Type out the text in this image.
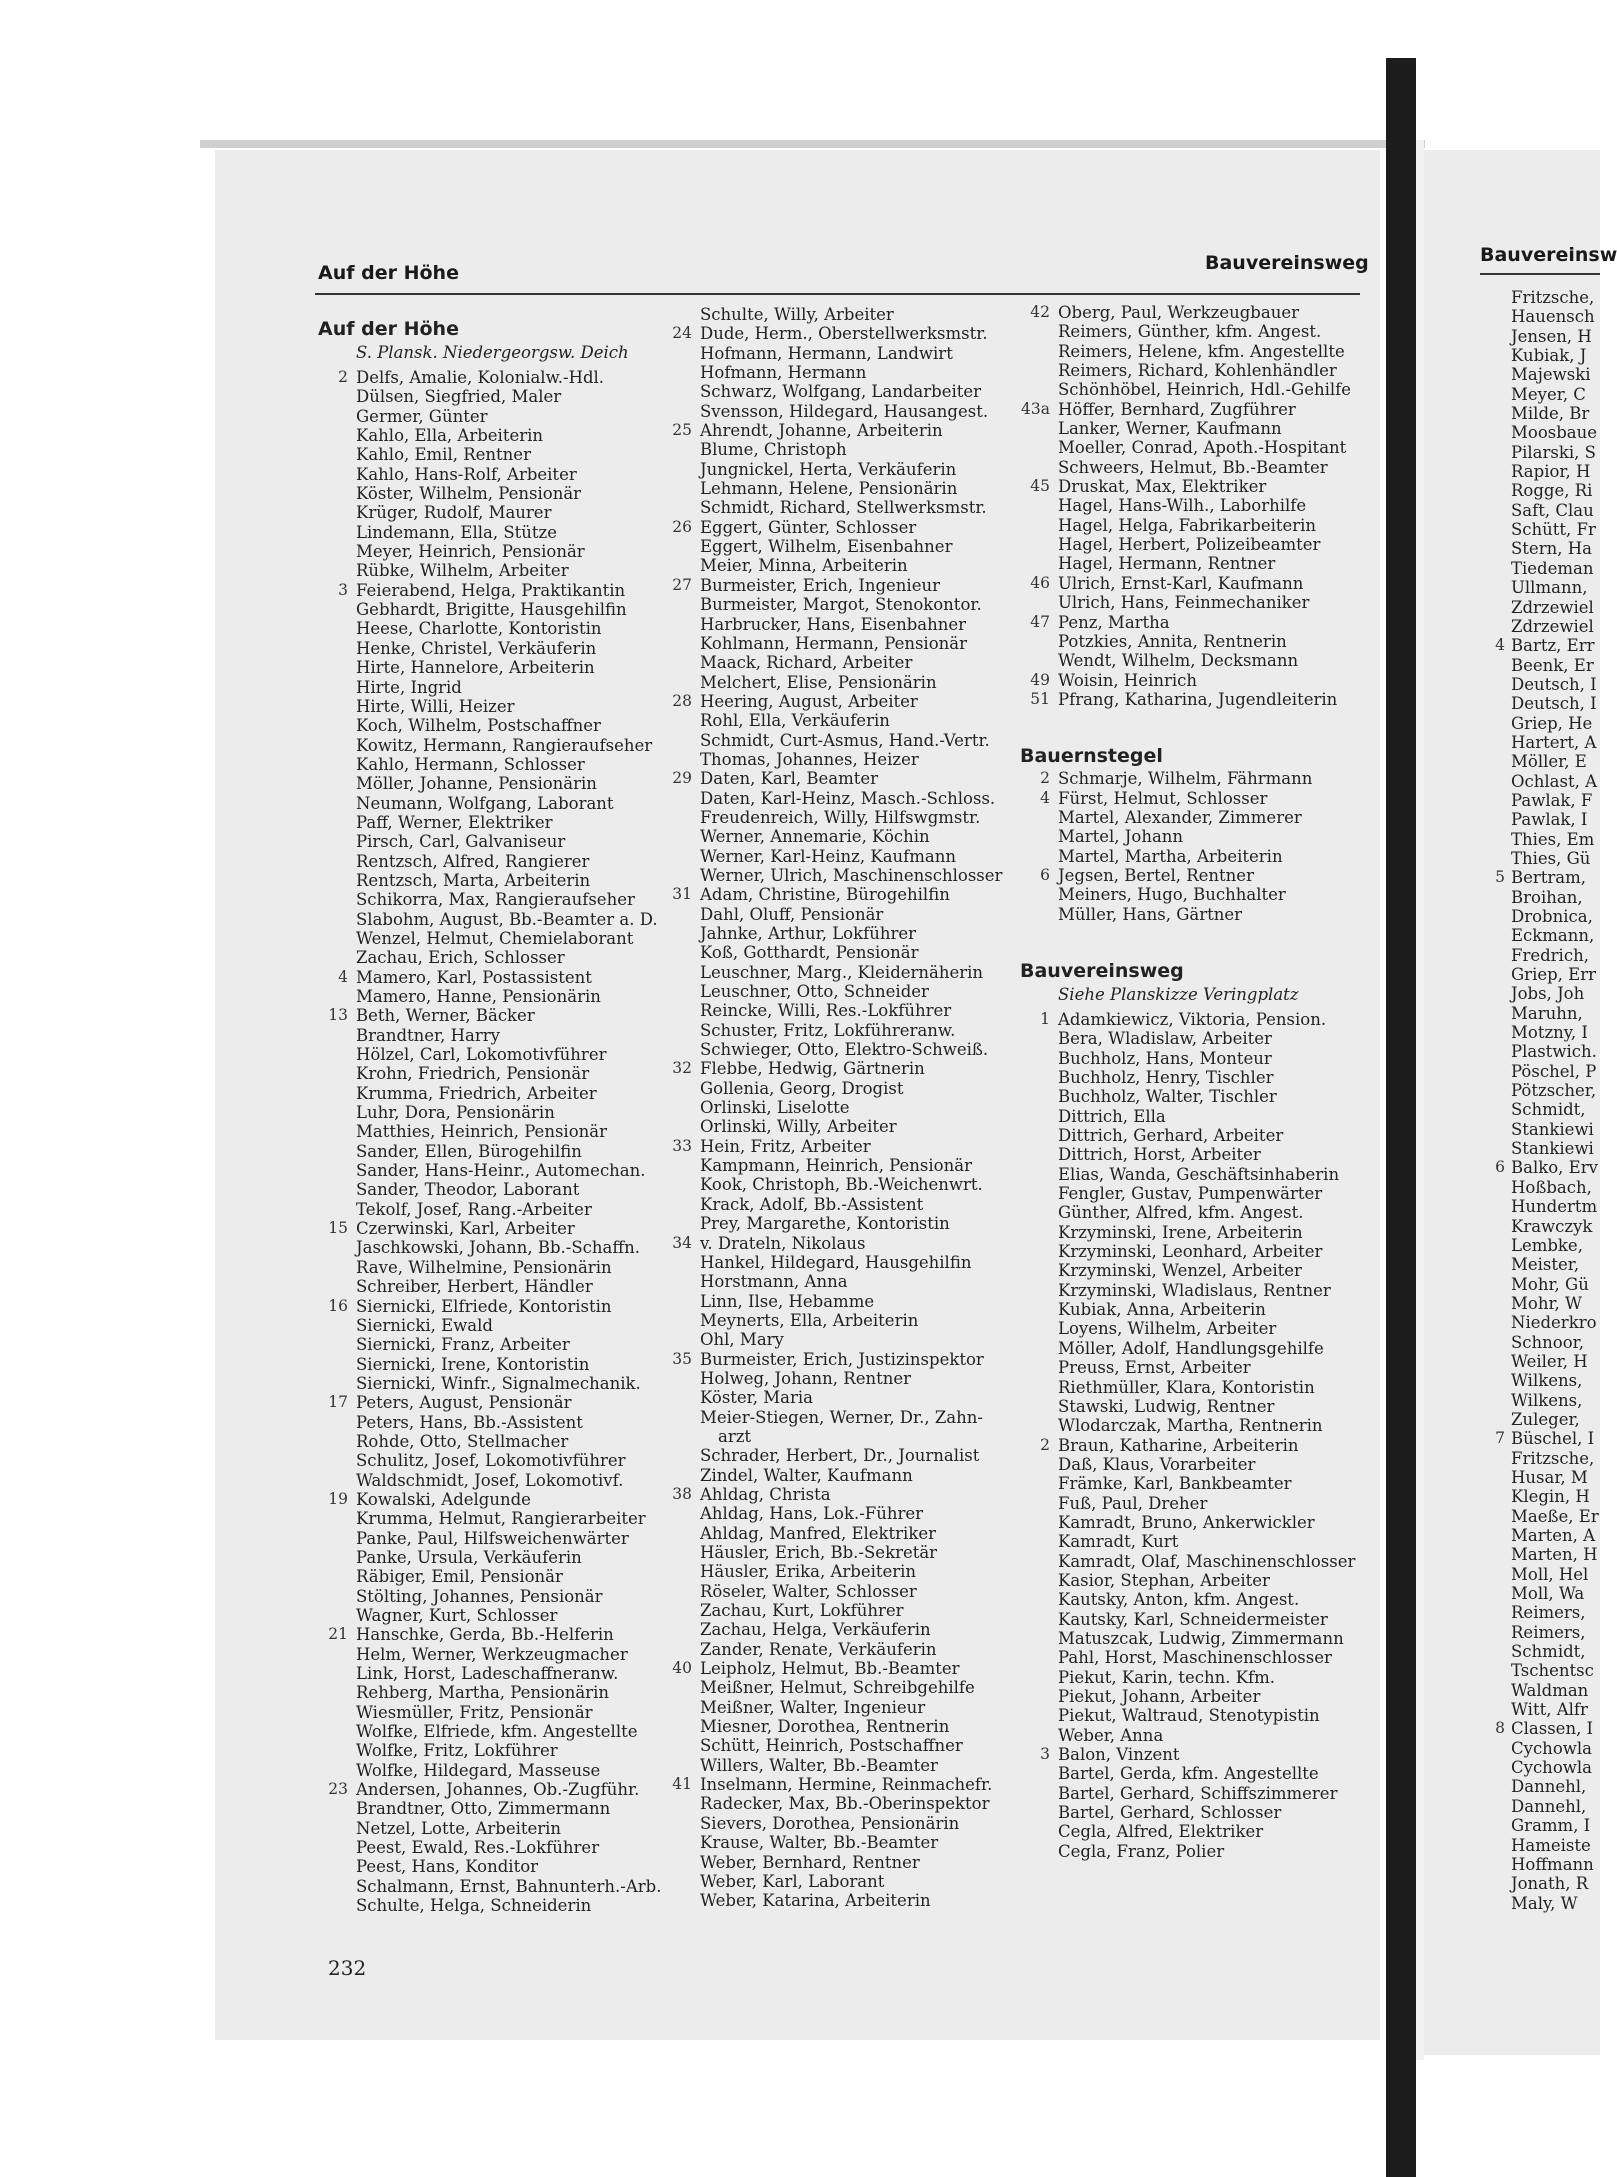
Auf der Höhe	Bauvereinsweg	Bauvereinsw
Auf der Höhe
S. Plansk. Niedergeorgsw. Deich
2 Delfs, Amalie, Kolonialw.-Hdl.
Dülsen, Siegfried, Maler
Germer, Günter
Kahlo, Ella, Arbeiterin
Kahlo, Emil, Rentner
Kahlo, Hans-Rolf, Arbeiter
Köster, Wilhelm, Pensionär
Krüger, Rudolf, Maurer
Lindemann, Ella, Stütze
Meyer, Heinrich, Pensionär
Rübke, Wilhelm, Arbeiter
3 Feierabend, Helga, Praktikantin
Gebhardt, Brigitte, Hausgehilfin
Heese, Charlotte, Kontoristin
Henke, Christel, Verkäuferin
Hirte, Hannelore, Arbeiterin
Hirte, Ingrid
Hirte, Willi, Heizer
Koch, Wilhelm, Postschaffner
Kowitz, Hermann, Rangieraufseher
Kahlo, Hermann, Schlosser
Möller, Johanne, Pensionärin
Neumann, Wolfgang, Laborant
Paff, Werner, Elektriker
Pirsch, Carl, Galvaniseur
Rentzsch, Alfred, Rangierer
Rentzsch, Marta, Arbeiterin
Schikorra, Max, Rangieraufseher
Slabohm, August, Bb.-Beamter a. D.
Wenzel, Helmut, Chemielaborant
Zachau, Erich, Schlosser
4 Mamero, Karl, Postassistent
Mamero, Hanne, Pensionärin
13 Beth, Werner, Bäcker
Brandtner, Harry
Hölzel, Carl, Lokomotivführer
Krohn, Friedrich, Pensionär
Krumma, Friedrich, Arbeiter
Luhr, Dora, Pensionärin
Matthies, Heinrich, Pensionär
Sander, Ellen, Bürogehilfin
Sander, Hans-Heinr., Automechan.
Sander, Theodor, Laborant
Tekolf, Josef, Rang.-Arbeiter
15 Czerwinski, Karl, Arbeiter
Jaschkowski, Johann, Bb.-Schaffn.
Rave, Wilhelmine, Pensionärin
Schreiber, Herbert, Händler
16 Siernicki, Elfriede, Kontoristin
Siernicki, Ewald
Siernicki, Franz, Arbeiter
Siernicki, Irene, Kontoristin
Siernicki, Winfr., Signalmechanik.
17 Peters, August, Pensionär
Peters, Hans, Bb.-Assistent
Rohde, Otto, Stellmacher
Schulitz, Josef, Lokomotivführer
Waldschmidt, Josef, Lokomotivf.
19 Kowalski, Adelgunde
Krumma, Helmut, Rangierarbeiter
Panke, Paul, Hilfsweichenwärter
Panke, Ursula, Verkäuferin
Räbiger, Emil, Pensionär
Stölting, Johannes, Pensionär
Wagner, Kurt, Schlosser
21 Hanschke, Gerda, Bb.-Helferin
Helm, Werner, Werkzeugmacher
Link, Horst, Ladeschaffneranw.
Rehberg, Martha, Pensionärin
Wiesmüller, Fritz, Pensionär
Wolfke, Elfriede, kfm. Angestellte
Wolfke, Fritz, Lokführer
Wolfke, Hildegard, Masseuse
23 Andersen, Johannes, Ob.-Zugführ.
Brandtner, Otto, Zimmermann
Netzel, Lotte, Arbeiterin
Peest, Ewald, Res.-Lokführer
Peest, Hans, Konditor
Schalmann, Ernst, Bahnunterh.-Arb.
Schulte, Helga, Schneiderin
Schulte, Willy, Arbeiter
24 Dude, Herm., Oberstellwerksmstr.
Hofmann, Hermann, Landwirt
Hofmann, Hermann
Schwarz, Wolfgang, Landarbeiter
Svensson, Hildegard, Hausangest.
25 Ahrendt, Johanne, Arbeiterin
Blume, Christoph
Jungnickel, Herta, Verkäuferin
Lehmann, Helene, Pensionärin
Schmidt, Richard, Stellwerksmstr.
26 Eggert, Günter, Schlosser
Eggert, Wilhelm, Eisenbahner
Meier, Minna, Arbeiterin
27 Burmeister, Erich, Ingenieur
Burmeister, Margot, Stenokontor.
Harbrucker, Hans, Eisenbahner
Kohlmann, Hermann, Pensionär
Maack, Richard, Arbeiter
Melchert, Elise, Pensionärin
28 Heering, August, Arbeiter
Rohl, Ella, Verkäuferin
Schmidt, Curt-Asmus, Hand.-Vertr.
Thomas, Johannes, Heizer
29 Daten, Karl, Beamter
Daten, Karl-Heinz, Masch.-Schloss.
Freudenreich, Willy, Hilfswgmstr.
Werner, Annemarie, Köchin
Werner, Karl-Heinz, Kaufmann
Werner, Ulrich, Maschinenschlosser
31 Adam, Christine, Bürogehilfin
Dahl, Oluff, Pensionär
Jahnke, Arthur, Lokführer
Koß, Gotthardt, Pensionär
Leuschner, Marg., Kleidernäherin
Leuschner, Otto, Schneider
Reincke, Willi, Res.-Lokführer
Schuster, Fritz, Lokführeranw.
Schwieger, Otto, Elektro-Schweiß.
32 Flebbe, Hedwig, Gärtnerin
Gollenia, Georg, Drogist
Orlinski, Liselotte
Orlinski, Willy, Arbeiter
33 Hein, Fritz, Arbeiter
Kampmann, Heinrich, Pensionär
Kook, Christoph, Bb.-Weichenwrt.
Krack, Adolf, Bb.-Assistent
Prey, Margarethe, Kontoristin
34 v. Drateln, Nikolaus
Hankel, Hildegard, Hausgehilfin
Horstmann, Anna
Linn, Ilse, Hebamme
Meynerts, Ella, Arbeiterin
Ohl, Mary
35 Burmeister, Erich, Justizinspektor
Holweg, Johann, Rentner
Köster, Maria
Meier-Stiegen, Werner, Dr., Zahn-
arzt
Schrader, Herbert, Dr., Journalist
Zindel, Walter, Kaufmann
38 Ahldag, Christa
Ahldag, Hans, Lok.-Führer
Ahldag, Manfred, Elektriker
Häusler, Erich, Bb.-Sekretär
Häusler, Erika, Arbeiterin
Röseler, Walter, Schlosser
Zachau, Kurt, Lokführer
Zachau, Helga, Verkäuferin
Zander, Renate, Verkäuferin
40 Leipholz, Helmut, Bb.-Beamter
Meißner, Helmut, Schreibgehilfe
Meißner, Walter, Ingenieur
Miesner, Dorothea, Rentnerin
Schütt, Heinrich, Postschaffner
Willers, Walter, Bb.-Beamter
41 Inselmann, Hermine, Reinmachefr.
Radecker, Max, Bb.-Oberinspektor
Sievers, Dorothea, Pensionärin
Krause, Walter, Bb.-Beamter
Weber, Bernhard, Rentner
Weber, Karl, Laborant
Weber, Katarina, Arbeiterin
42 Oberg, Paul, Werkzeugbauer
Reimers, Günther, kfm. Angest.
Reimers, Helene, kfm. Angestellte
Reimers, Richard, Kohlenhändler
Schönhöbel, Heinrich, Hdl.-Gehilfe
43a Höffer, Bernhard, Zugführer
Lanker, Werner, Kaufmann
Moeller, Conrad, Apoth.-Hospitant
Schweers, Helmut, Bb.-Beamter
45 Druskat, Max, Elektriker
Hagel, Hans-Wilh., Laborhilfe
Hagel, Helga, Fabrikarbeiterin
Hagel, Herbert, Polizeibeamter
Hagel, Hermann, Rentner
46 Ulrich, Ernst-Karl, Kaufmann
Ulrich, Hans, Feinmechaniker
47 Penz, Martha
Potzkies, Annita, Rentnerin
Wendt, Wilhelm, Decksmann
49 Woisin, Heinrich
51 Pfrang, Katharina, Jugendleiterin
Bauernstegel
2 Schmarje, Wilhelm, Fährmann
4 Fürst, Helmut, Schlosser
Martel, Alexander, Zimmerer
Martel, Johann
Martel, Martha, Arbeiterin
6 Jegsen, Bertel, Rentner
Meiners, Hugo, Buchhalter
Müller, Hans, Gärtner
Bauvereinsweg
Siehe Planskizze Veringplatz
1 Adamkiewicz, Viktoria, Pension.
Bera, Wladislaw, Arbeiter
Buchholz, Hans, Monteur
Buchholz, Henry, Tischler
Buchholz, Walter, Tischler
Dittrich, Ella
Dittrich, Gerhard, Arbeiter
Dittrich, Horst, Arbeiter
Elias, Wanda, Geschäftsinhaberin
Fengler, Gustav, Pumpenwärter
Günther, Alfred, kfm. Angest.
Krzyminski, Irene, Arbeiterin
Krzyminski, Leonhard, Arbeiter
Krzyminski, Wenzel, Arbeiter
Krzyminski, Wladislaus, Rentner
Kubiak, Anna, Arbeiterin
Loyens, Wilhelm, Arbeiter
Möller, Adolf, Handlungsgehilfe
Preuss, Ernst, Arbeiter
Riethmüller, Klara, Kontoristin
Stawski, Ludwig, Rentner
Wlodarczak, Martha, Rentnerin
2 Braun, Katharine, Arbeiterin
Daß, Klaus, Vorarbeiter
Främke, Karl, Bankbeamter
Fuß, Paul, Dreher
Kamradt, Bruno, Ankerwickler
Kamradt, Kurt
Kamradt, Olaf, Maschinenschlosser
Kasior, Stephan, Arbeiter
Kautsky, Anton, kfm. Angest.
Kautsky, Karl, Schneidermeister
Matuszcak, Ludwig, Zimmermann
Pahl, Horst, Maschinenschlosser
Piekut, Karin, techn. Kfm.
Piekut, Johann, Arbeiter
Piekut, Waltraud, Stenotypistin
Weber, Anna
3 Balon, Vinzent
Bartel, Gerda, kfm. Angestellte
Bartel, Gerhard, Schiffszimmerer
Bartel, Gerhard, Schlosser
Cegla, Alfred, Elektriker
Cegla, Franz, Polier
Fritzsche,
Hauensch
Jensen, H
Kubiak, J
Majewski
Meyer, C
Milde, Br
Moosbaue
Pilarski, S
Rapior, H
Rogge, Ri
Saft, Clau
Schütt, Fr
Stern, Ha
Tiedeman
Ullmann,
Zdrzewiel
Zdrzewiel
4 Bartz, Err
Beenk, Er
Deutsch, I
Deutsch, I
Griep, He
Hartert, A
Möller, E
Ochlast, A
Pawlak, F
Pawlak, I
Thies, Em
Thies, Gü
5 Bertram,
Broihan,
Drobnica,
Eckmann,
Fredrich,
Griep, Err
Jobs, Joh
Maruhn,
Motzny, I
Plastwich.
Pöschel, P
Pötzscher,
Schmidt,
Stankiewi
Stankiewi
6 Balko, Erv
Hoßbach,
Hundertm
Krawczyk
Lembke,
Meister,
Mohr, Gü
Mohr, W
Niederkro
Schnoor,
Weiler, H
Wilkens,
Wilkens,
Zuleger,
7 Büschel, I
Fritzsche,
Husar, M
Klegin, H
Maeße, Er
Marten, A
Marten, H
Moll, Hel
Moll, Wa
Reimers,
Reimers,
Schmidt,
Tschentsc
Waldman
Witt, Alfr
8 Classen, I
Cychowla
Cychowla
Dannehl,
Dannehl,
Gramm, I
Hameiste
Hoffmann
Jonath, R
Maly, W
232
